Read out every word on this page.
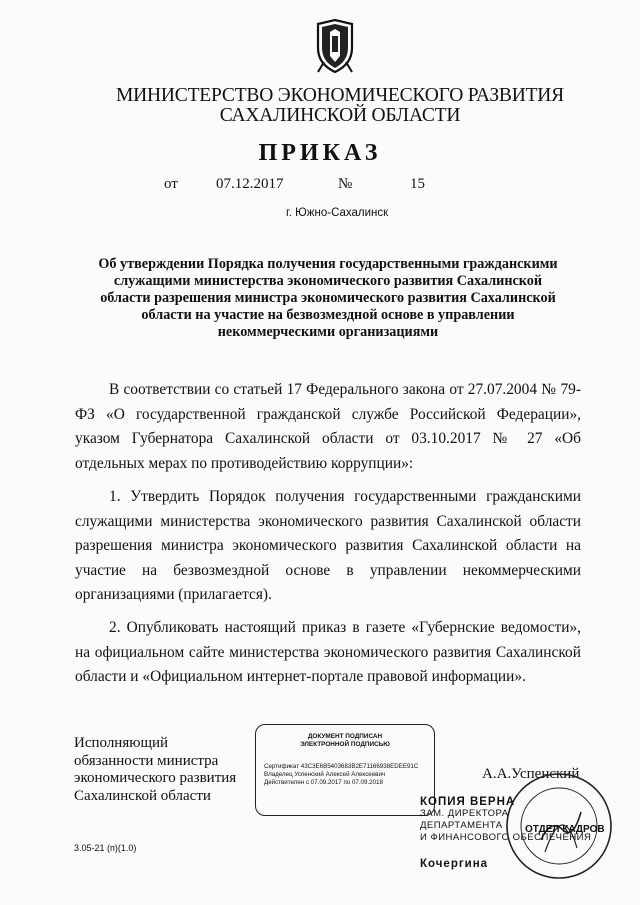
МИНИСТЕРСТВО ЭКОНОМИЧЕСКОГО РАЗВИТИЯ
САХАЛИНСКОЙ ОБЛАСТИ
ПРИКАЗ
от	07.12.2017	№	15
г. Южно-Сахалинск
Об утверждении Порядка получения государственными гражданскими
служащими министерства экономического развития Сахалинской
области разрешения министра экономического развития Сахалинской
области на участие на безвозмездной основе в управлении
некоммерческими организациями

В соответствии со статьей 17 Федерального закона от 27.07.2004 № 79-ФЗ «О государственной гражданской службе Российской Федерации», указом Губернатора Сахалинской области от 03.10.2017 № 27 «Об отдельных мерах по противодействию коррупции»:

1. Утвердить Порядок получения государственными гражданскими служащими министерства экономического развития Сахалинской области разрешения министра экономического развития Сахалинской области на участие на безвозмездной основе в управлении некоммерческими организациями (прилагается).

2. Опубликовать настоящий приказ в газете «Губернские ведомости», на официальном сайте министерства экономического развития Сахалинской области и «Официальном интернет-портале правовой информации».

Исполняющий
обязанности министра
экономического развития
Сахалинской области
ДОКУМЕНТ ПОДПИСАН
ЭЛЕКТРОННОЙ ПОДПИСЬЮ
Сертификат 43C3E6B5403683B2E71166938EDEE91C
Владелец Успенский Алексей Алексеевич
Действителен с 07.09.2017 по 07.09.2018
А.А.Успенский
КОПИЯ ВЕРНА
ЗАМ. ДИРЕКТОРА
ДЕПАРТАМЕНТА
И ФИНАНСОВОГО ОБЕСПЕЧЕНИЯ
ОТДЕЛ КАДРОВ
Кочергина
3.05-21 (п)(1.0)
